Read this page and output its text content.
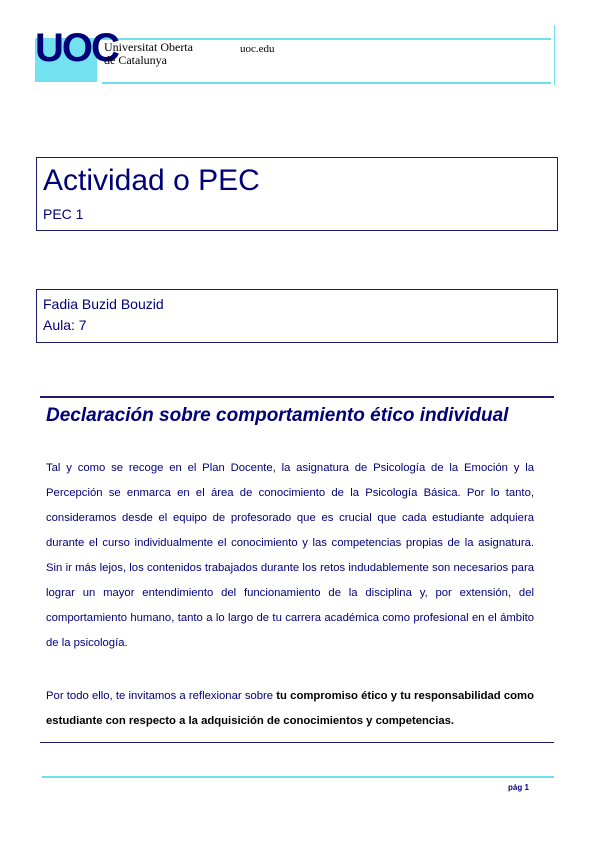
UOC
Universitat Oberta
de Catalunya
uoc.edu
Actividad o PEC
PEC 1
Fadia Buzid Bouzid
Aula: 7
Declaración sobre comportamiento ético individual
Tal y como se recoge en el Plan Docente, la asignatura de Psicología de la Emoción y la Percepción se enmarca en el área de conocimiento de la Psicología Básica. Por lo tanto, consideramos desde el equipo de profesorado que es crucial que cada estudiante adquiera durante el curso individualmente el conocimiento y las competencias propias de la asignatura. Sin ir más lejos, los contenidos trabajados durante los retos indudablemente son necesarios para lograr un mayor entendimiento del funcionamiento de la disciplina y, por extensión, del comportamiento humano, tanto a lo largo de tu carrera académica como profesional en el ámbito de la psicología.
Por todo ello, te invitamos a reflexionar sobre tu compromiso ético y tu responsabilidad como estudiante con respecto a la adquisición de conocimientos y competencias.
pág 1
